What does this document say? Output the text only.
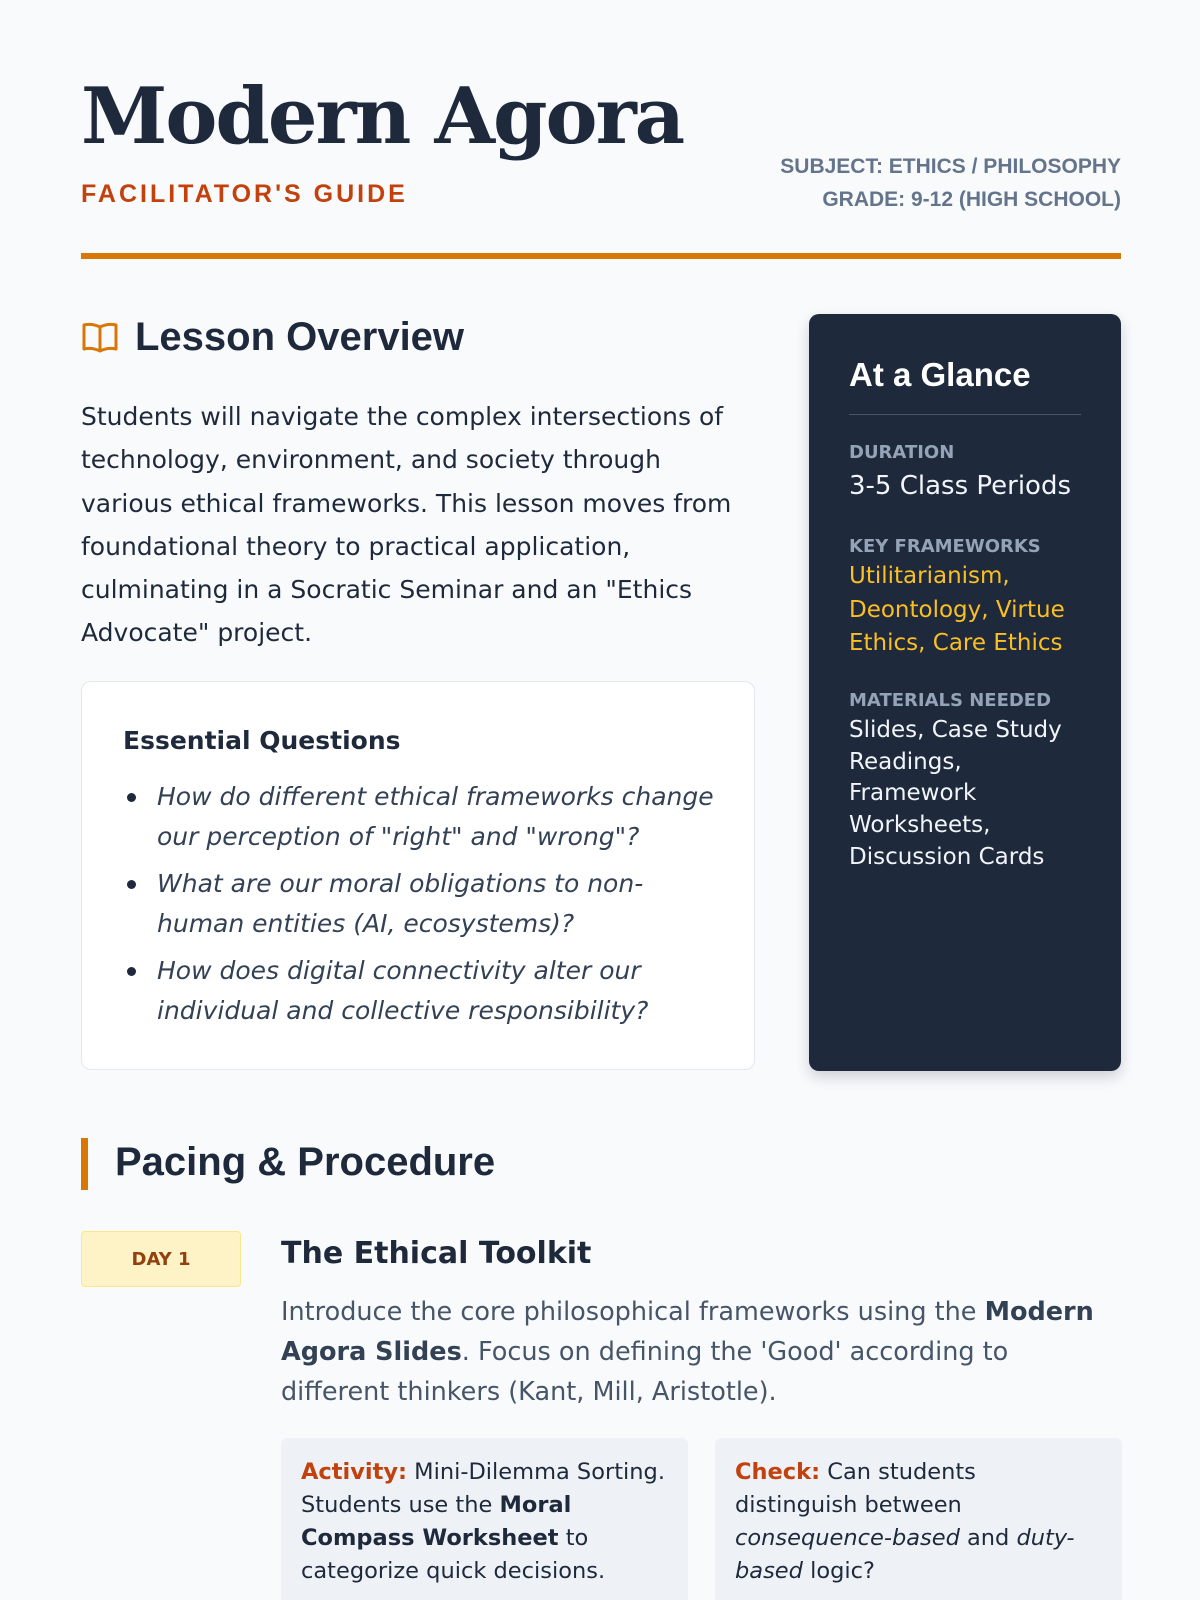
Modern Agora
FACILITATOR'S GUIDE
SUBJECT: ETHICS / PHILOSOPHY
GRADE: 9-12 (HIGH SCHOOL)
Lesson Overview

Students will navigate the complex intersections of technology, environment, and society through various ethical frameworks. This lesson moves from foundational theory to practical application, culminating in a Socratic Seminar and an "Ethics Advocate" project.

Essential Questions
How do different ethical frameworks change our perception of "right" and "wrong"?
What are our moral obligations to non-human entities (AI, ecosystems)?
How does digital connectivity alter our individual and collective responsibility?
At a Glance
DURATION
3-5 Class Periods
KEY FRAMEWORKS
Utilitarianism, Deontology, Virtue Ethics, Care Ethics
MATERIALS NEEDED
Slides, Case Study Readings, Framework Worksheets, Discussion Cards
Pacing & Procedure
DAY 1	The Ethical Toolkit

Introduce the core philosophical frameworks using the Modern Agora Slides. Focus on defining the 'Good' according to different thinkers (Kant, Mill, Aristotle).

Activity: Mini-Dilemma Sorting. Students use the Moral Compass Worksheet to categorize quick decisions.

Check: Can students distinguish between consequence-based and duty-based logic?
